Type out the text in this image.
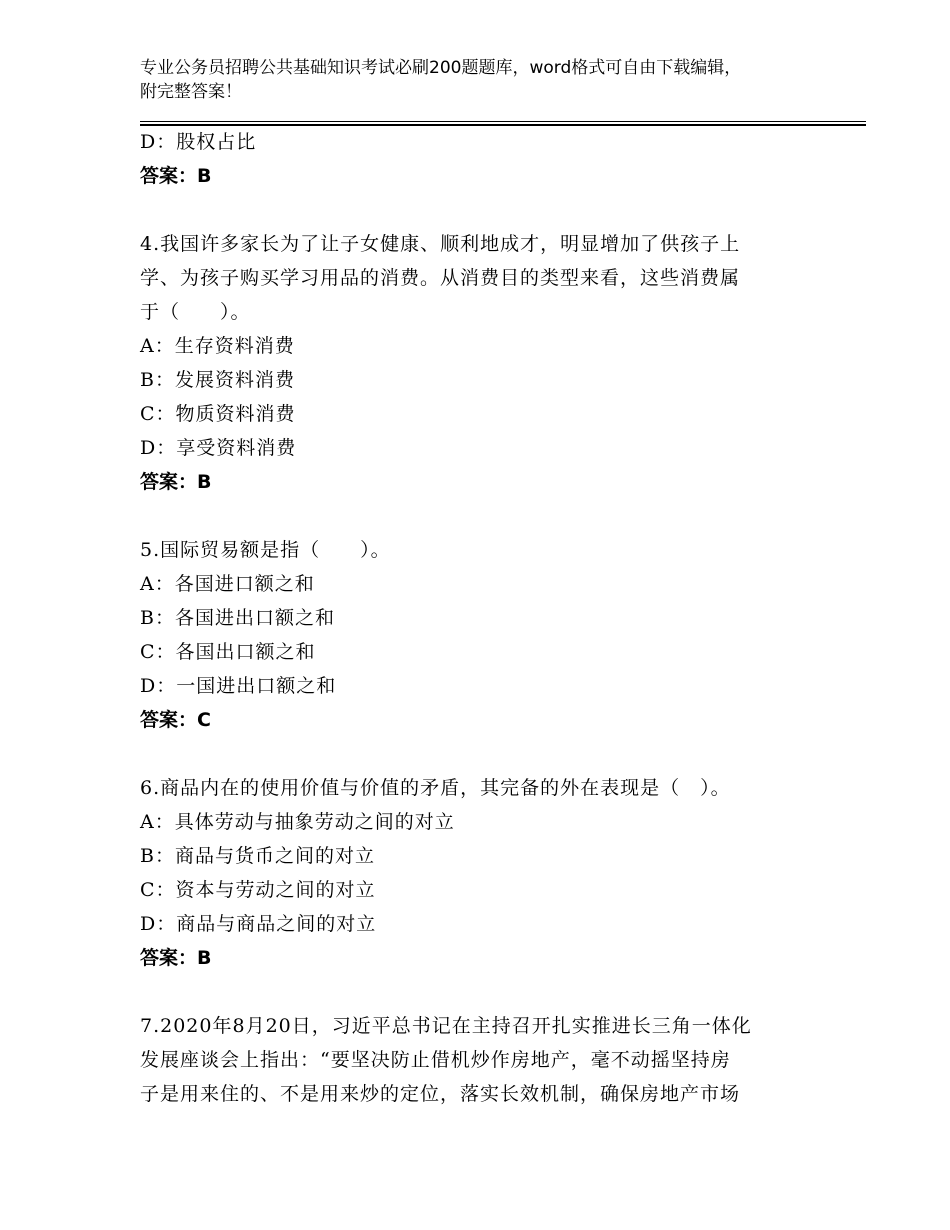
专业公务员招聘公共基础知识考试必刷200题题库，word格式可自由下载编辑，
附完整答案！
D：股权占比
答案：B
4.我国许多家长为了让子女健康、顺利地成才，明显增加了供孩子上
学、为孩子购买学习用品的消费。从消费目的类型来看，这些消费属
于（　　）。
A：生存资料消费
B：发展资料消费
C：物质资料消费
D：享受资料消费
答案：B
5.国际贸易额是指（　　）。
A：各国进口额之和
B：各国进出口额之和
C：各国出口额之和
D：一国进出口额之和
答案：C
6.商品内在的使用价值与价值的矛盾，其完备的外在表现是（　）。
A：具体劳动与抽象劳动之间的对立
B：商品与货币之间的对立
C：资本与劳动之间的对立
D：商品与商品之间的对立
答案：B
7.2020年8月20日，习近平总书记在主持召开扎实推进长三角一体化
发展座谈会上指出：“要坚决防止借机炒作房地产，毫不动摇坚持房
子是用来住的、不是用来炒的定位，落实长效机制，确保房地产市场
